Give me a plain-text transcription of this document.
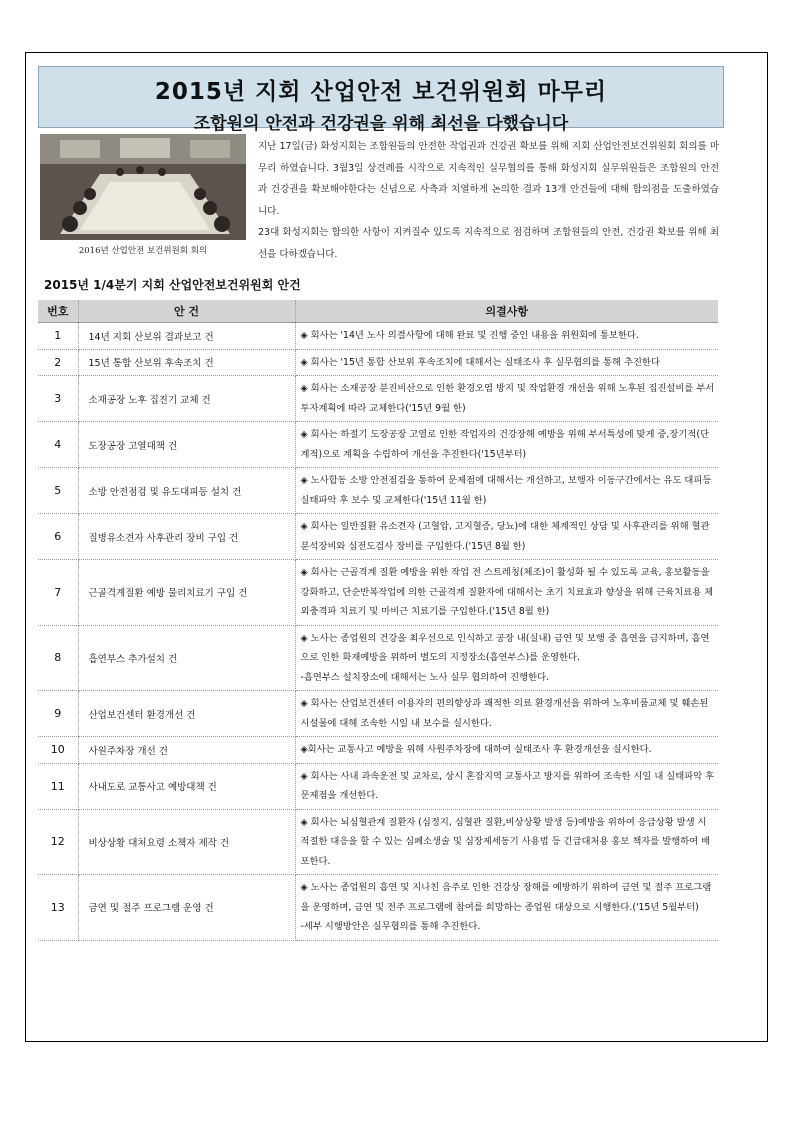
2015년 지회 산업안전 보건위원회 마무리
조합원의 안전과 건강권을 위해 최선을 다했습니다
2016년 산업안전 보건위원회 회의

지난 17일(금) 화성지회는 조합원들의 안전한 작업권과 건강권 확보를 위해 지회 산업안전보건위원회 회의를 마무리 하였습니다. 3월3일 상견례를 시작으로 지속적인 실무협의를 통해 화성지회 실무위원들은 조합원의 안전과 건강권을 확보해야한다는 신념으로 사측과 치열하게 논의한 결과 13개 안건들에 대해 합의점을 도출하였습니다.

23대 화성지회는 합의한 사항이 지켜질수 있도록 지속적으로 점검하며 조합원들의 안전, 건강권 확보를 위해 최선을 다하겠습니다.

2015년 1/4분기 지회 산업안전보건위원회 안건
번호	안 건	의결사항
1	14년 지회 산보위 결과보고 건	◈ 회사는 '14년 노사 의결사항에 대해 완료 및 진행 중인 내용을 위원회에 통보한다.

2	15년 통합 산보위 후속조치 건	◈ 회사는 '15년 통합 산보위 후속조치에 대해서는 실태조사 후 실무협의를 통해 추진한다

3	소재공장 노후 집진기 교체 건	◈ 회사는 소재공장 분진비산으로 인한 환경오염 방지 및 작업환경 개선을 위해 노후된 집진설비를 부서 투자계획에 따라 교체한다('15년 9월 한)

4	도장공장 고열대책 건	◈ 회사는 하절기 도장공장 고열로 인한 작업자의 건강장해 예방을 위해 부서특성에 맞게 중,장기적(단계적)으로 계획을 수립하여 개선을 추진한다('15년부터)

5	소방 안전점검 및 유도대피등 설치 건	◈ 노사합동 소방 안전점검을 통하여 문제점에 대해서는 개선하고, 보행자 이동구간에서는 유도 대피등 실태파악 후 보수 및 교체한다('15년 11월 한)

6	질병유소견자 사후관리 장비 구입 건	◈ 회사는 일반질환 유소견자 (고혈압, 고지혈증, 당뇨)에 대한 체계적인 상담 및 사후관리를 위해 혈관분석장비와 심전도검사 장비를 구입한다.('15년 8월 한)

7	근골격계질환 예방 물리치료기 구입 건	◈ 회사는 근골격계 질환 예방을 위한 작업 전 스트레칭(체조)이 활성화 될 수 있도록 교육, 홍보활동을 강화하고, 단순반복작업에 의한 근골격계 질환자에 대해서는 초기 치료효과 향상을 위해 근육치료용 체외충격파 치료기 및 마비근 치료기를 구입한다.('15년 8월 한)

8	흡연부스 추가설치 건	◈ 노사는 종업원의 건강을 최우선으로 인식하고 공장 내(실내) 금연 및 보행 중 흡연을 금지하며, 흡연으로 인한 화재예방을 위하여 별도의 지정장소(흡연부스)를 운영한다.

-흡연부스 설치장소에 대해서는 노사 실무 협의하여 진행한다.

9	산업보건센터 환경개선 건	◈ 회사는 산업보건센터 이용자의 편의향상과 쾌적한 의료 환경개선을 위하여 노후비품교체 및 훼손된 시설물에 대해 조속한 시일 내 보수를 실시한다.

10	사원주차장 개선 건	◈회사는 교통사고 예방을 위해 사원주차장에 대하여 실태조사 후 환경개선을 실시한다.

11	사내도로 교통사고 예방대책 건	◈ 회사는 사내 과속운전 및 교차로, 상시 혼잡지역 교통사고 방지를 위하여 조속한 시일 내 실태파악 후 문제점을 개선한다.

12	비상상황 대처요령 소책자 제작 건	◈ 회사는 뇌심혈관계 질환자 (심정지, 심혈관 질환,비상상황 발생 등)예방을 위하여 응급상황 발생 시 적절한 대응을 할 수 있는 심폐소생술 및 심장제세동기 사용법 등 긴급대처용 홍보 책자를 발행하여 배포한다.

13	금연 및 절주 프로그램 운영 건	◈ 노사는 종업원의 흡연 및 지나친 음주로 인한 건강상 장해를 예방하기 위하여 금연 및 절주 프로그램을 운영하며, 금연 및 전주 프로그램에 참여를 희망하는 종업원 대상으로 시행한다.('15년 5월부터)

-세부 시행방안은 실무협의를 통해 추진한다.
